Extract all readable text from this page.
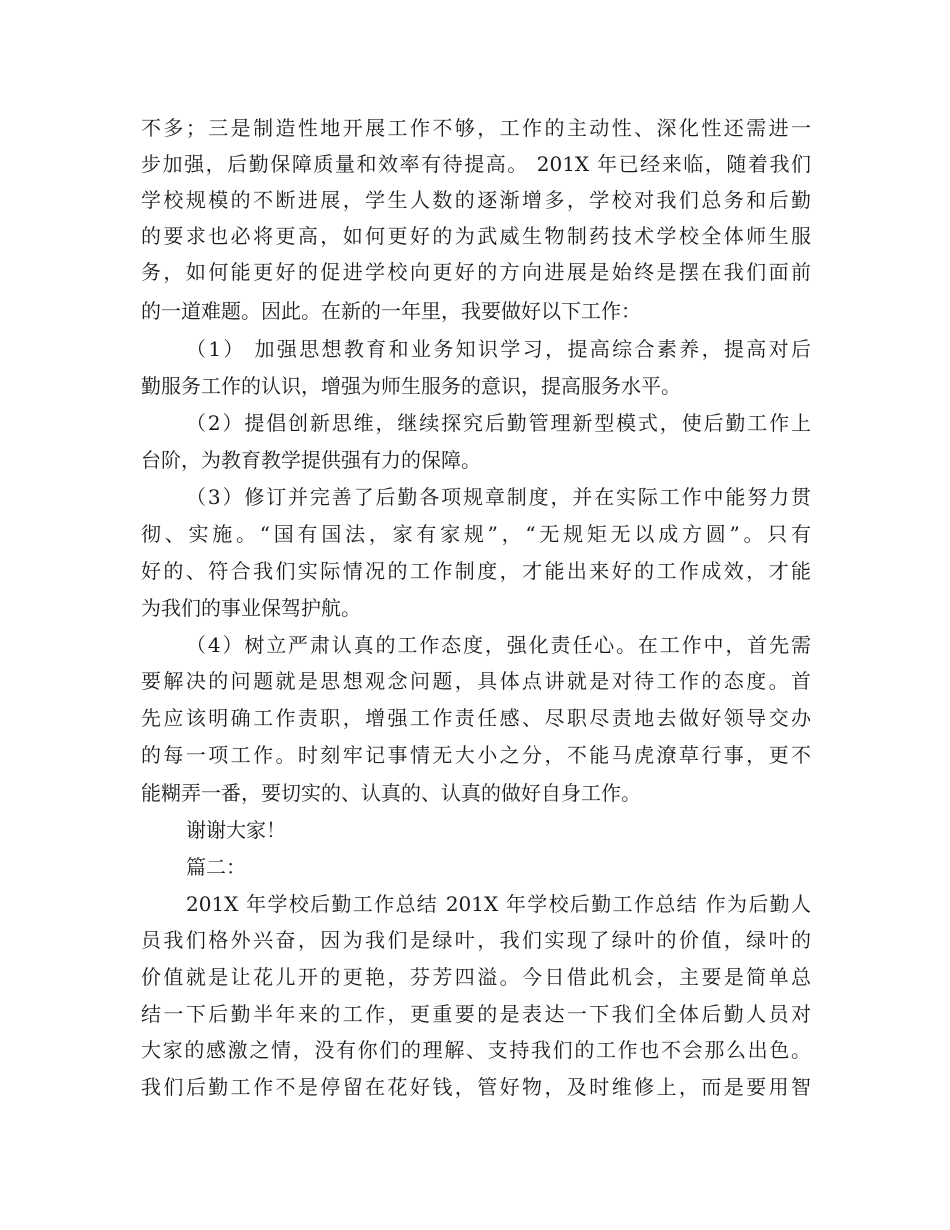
不多；三是制造性地开展工作不够，工作的主动性、深化性还需进一
步加强，后勤保障质量和效率有待提高。 201X 年已经来临，随着我们
学校规模的不断进展，学生人数的逐渐增多，学校对我们总务和后勤
的要求也必将更高，如何更好的为武威生物制药技术学校全体师生服
务，如何能更好的促进学校向更好的方向进展是始终是摆在我们面前
的一道难题。因此。在新的一年里，我要做好以下工作：
（1） 加强思想教育和业务知识学习，提高综合素养，提高对后
勤服务工作的认识，增强为师生服务的意识，提高服务水平。
（2）提倡创新思维，继续探究后勤管理新型模式，使后勤工作上
台阶，为教育教学提供强有力的保障。
（3）修订并完善了后勤各项规章制度，并在实际工作中能努力贯
彻、实施。“国有国法，家有家规”，“无规矩无以成方圆”。只有
好的、符合我们实际情况的工作制度，才能出来好的工作成效，才能
为我们的事业保驾护航。
（4）树立严肃认真的工作态度，强化责任心。在工作中，首先需
要解决的问题就是思想观念问题，具体点讲就是对待工作的态度。首
先应该明确工作责职，增强工作责任感、尽职尽责地去做好领导交办
的每一项工作。时刻牢记事情无大小之分，不能马虎潦草行事，更不
能糊弄一番，要切实的、认真的、认真的做好自身工作。
谢谢大家！
篇二：
201X 年学校后勤工作总结 201X 年学校后勤工作总结 作为后勤人
员我们格外兴奋，因为我们是绿叶，我们实现了绿叶的价值，绿叶的
价值就是让花儿开的更艳，芬芳四溢。今日借此机会，主要是简单总
结一下后勤半年来的工作，更重要的是表达一下我们全体后勤人员对
大家的感激之情，没有你们的理解、支持我们的工作也不会那么出色。
我们后勤工作不是停留在花好钱，管好物，及时维修上，而是要用智
